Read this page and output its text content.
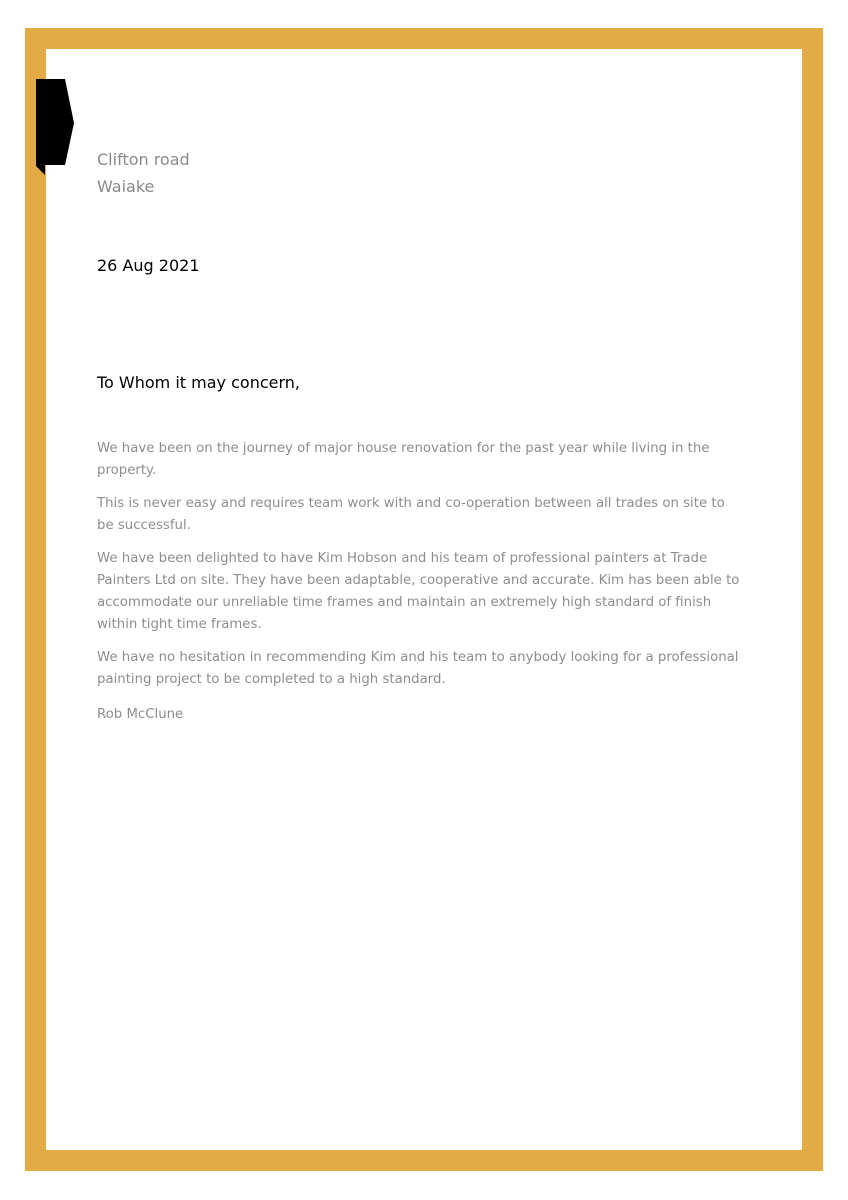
Clifton road
Waiake
26 Aug 2021
To Whom it may concern,

We have been on the journey of major house renovation for the past year while living in the property.

This is never easy and requires team work with and co-operation between all trades on site to be successful.

We have been delighted to have Kim Hobson and his team of professional painters at Trade Painters Ltd on site. They have been adaptable, cooperative and accurate. Kim has been able to accommodate our unreliable time frames and maintain an extremely high standard of finish within tight time frames.

We have no hesitation in recommending Kim and his team to anybody looking for a professional painting project to be completed to a high standard.

Rob McClune
